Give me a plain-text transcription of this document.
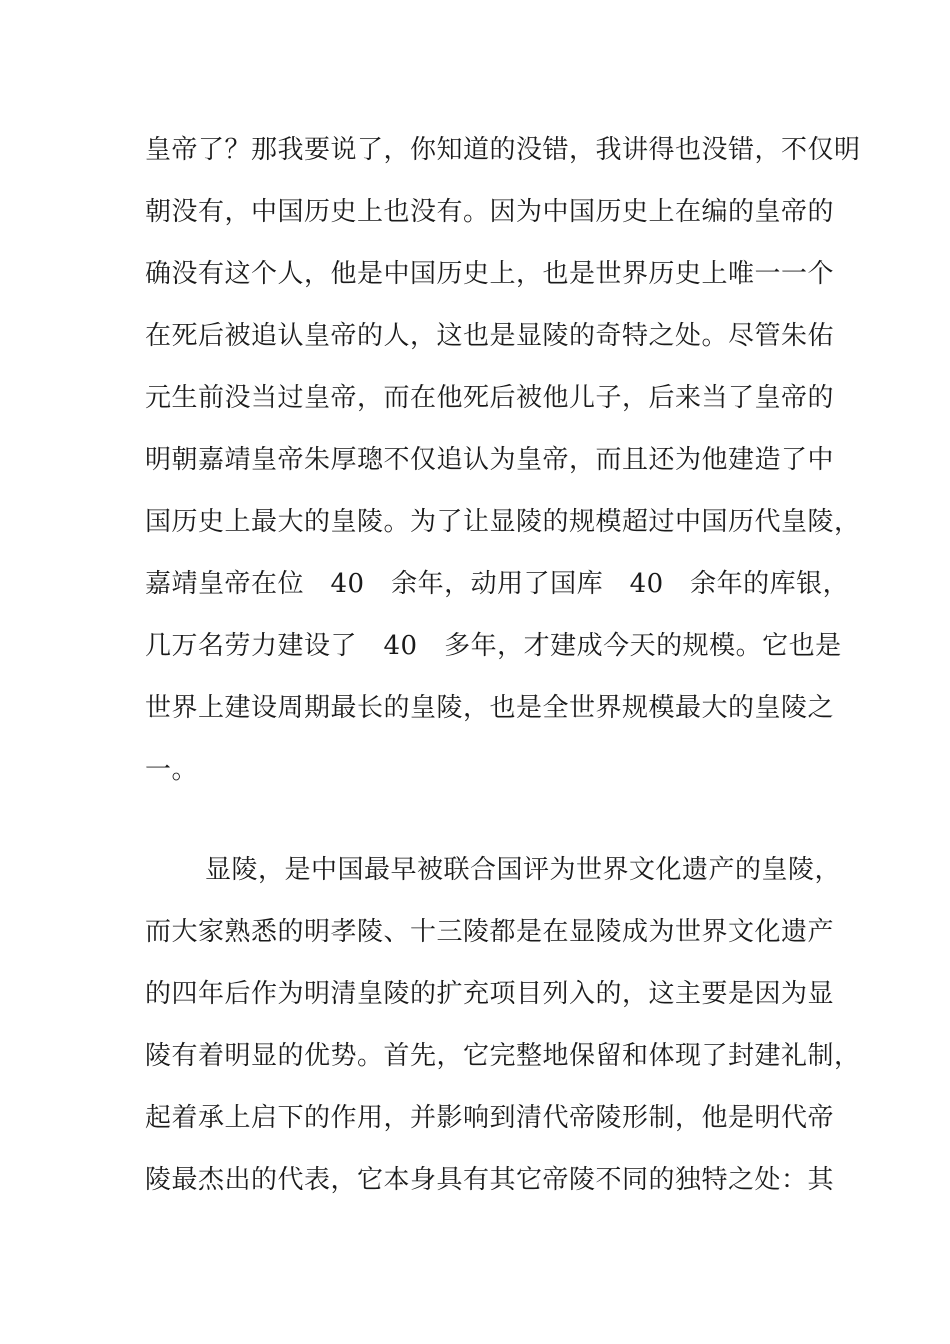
皇帝了？那我要说了，你知道的没错，我讲得也没错，不仅明
朝没有，中国历史上也没有。因为中国历史上在编的皇帝的
确没有这个人，他是中国历史上，也是世界历史上唯一一个
在死后被追认皇帝的人，这也是显陵的奇特之处。尽管朱佑
元生前没当过皇帝，而在他死后被他儿子，后来当了皇帝的
明朝嘉靖皇帝朱厚璁不仅追认为皇帝，而且还为他建造了中
国历史上最大的皇陵。为了让显陵的规模超过中国历代皇陵，
嘉靖皇帝在位　40　余年，动用了国库　40　余年的库银，
几万名劳力建设了　40　多年，才建成今天的规模。它也是
世界上建设周期最长的皇陵，也是全世界规模最大的皇陵之
一。
显陵，是中国最早被联合国评为世界文化遗产的皇陵，
而大家熟悉的明孝陵、十三陵都是在显陵成为世界文化遗产
的四年后作为明清皇陵的扩充项目列入的，这主要是因为显
陵有着明显的优势。首先，它完整地保留和体现了封建礼制，
起着承上启下的作用，并影响到清代帝陵形制，他是明代帝
陵最杰出的代表，它本身具有其它帝陵不同的独特之处：其
